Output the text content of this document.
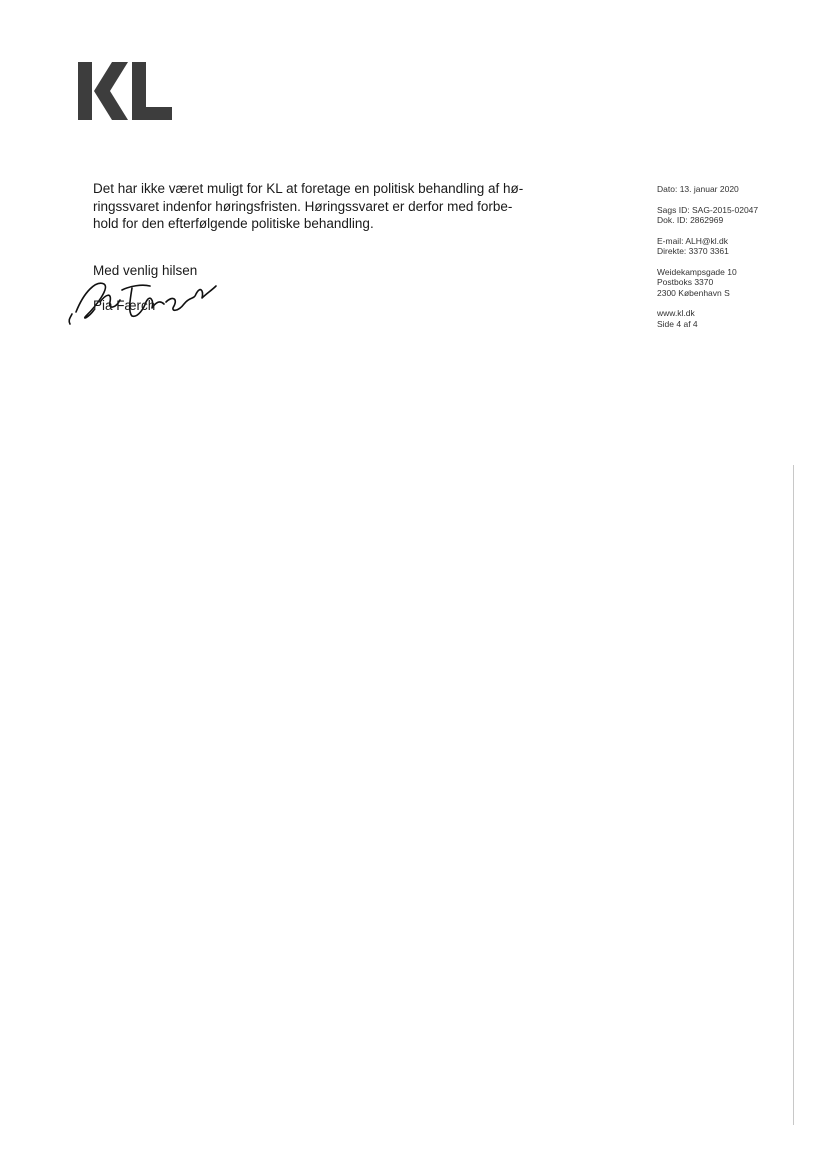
Det har ikke været muligt for KL at foretage en politisk behandling af hø-

ringssvaret indenfor høringsfristen. Høringssvaret er derfor med forbe-

hold for den efterfølgende politiske behandling.

Med venlig hilsen
Pia Færch
Dato: 13. januar 2020
Sags ID: SAG-2015-02047
Dok. ID: 2862969
E-mail: ALH@kl.dk
Direkte: 3370 3361
Weidekampsgade 10
Postboks 3370
2300 København S
www.kl.dk
Side 4 af 4
